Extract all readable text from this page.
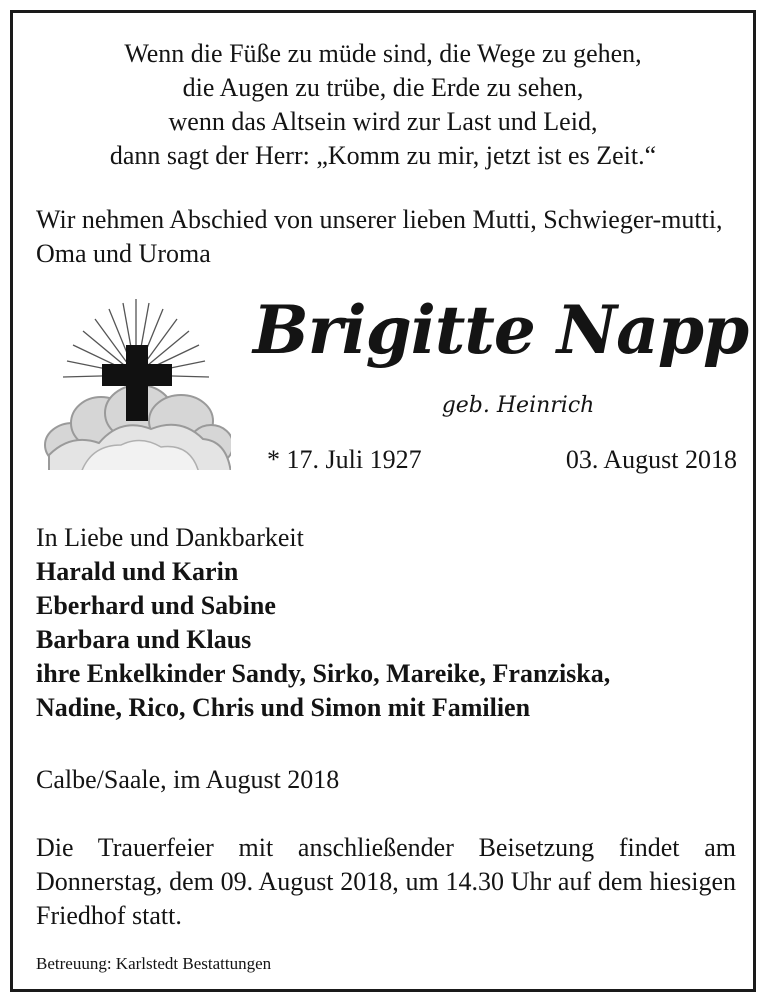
Wenn die Füße zu müde sind, die Wege zu gehen,
die Augen zu trübe, die Erde zu sehen,
wenn das Altsein wird zur Last und Leid,
dann sagt der Herr: „Komm zu mir, jetzt ist es Zeit.“
Wir nehmen Abschied von unserer lieben Mutti, Schwieger-mutti, Oma und Uroma
Brigitte Napp
geb. Heinrich
* 17. Juli 1927	03. August 2018
In Liebe und Dankbarkeit
Harald und Karin
Eberhard und Sabine
Barbara und Klaus
ihre Enkelkinder Sandy, Sirko, Mareike, Franziska,
Nadine, Rico, Chris und Simon mit Familien
Calbe/Saale, im August 2018
Die Trauerfeier mit anschließender Beisetzung findet am Donnerstag, dem 09. August 2018, um 14.30 Uhr auf dem hiesigen Friedhof statt.
Betreuung: Karlstedt Bestattungen
